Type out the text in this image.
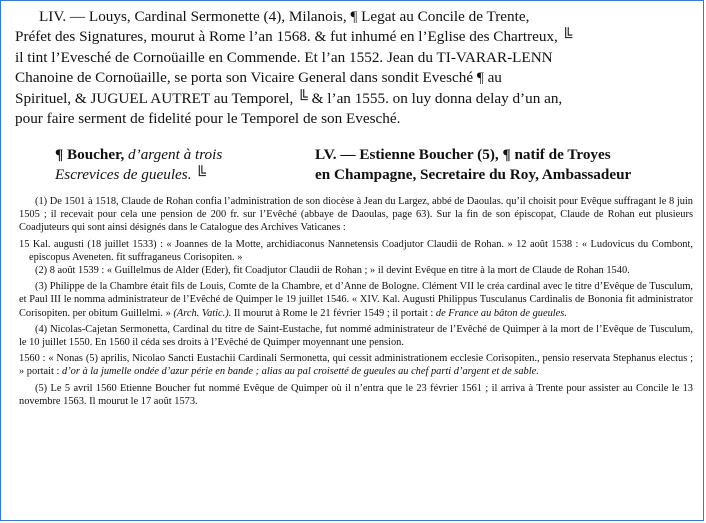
LIV. — Louys, Cardinal Sermonette (4), Milanois, ¶ Legat au Concile de Trente,

Préfet des Signatures, mourut à Rome l’an 1568. & fut inhumé en l’Eglise des Chartreux, ╚

il tint l’Evesché de Cornoüaille en Commende. Et l’an 1552. Jean du TI-VARAR-LENN

Chanoine de Cornoüaille, se porta son Vicaire General dans sondit Evesché ¶ au

Spirituel, & JUGUEL AUTRET au Temporel, ╚ & l’an 1555. on luy donna delay d’un an,

pour faire serment de fidelité pour le Temporel de son Evesché.

¶ Boucher, d’argent à trois
Escrevices de gueules. ╚
LV. — Estienne Boucher (5), ¶ natif de Troyes
en Champagne, Secretaire du Roy, Ambassadeur

(1) De 1501 à 1518, Claude de Rohan confia l’administration de son diocèse à Jean du Largez, abbé de Daoulas. qu’il choisit pour Evêque suffragant le 8 juin 1505 ; il recevait pour cela une pension de 200 fr. sur l’Evêché (abbaye de Daoulas, page 63). Sur la fin de son épiscopat, Claude de Rohan eut plusieurs Coadjuteurs qui sont ainsi désignés dans le Catalogue des Archives Vaticanes :

15 Kal. augusti (18 juillet 1533) : « Joannes de la Motte, archidiaconus Nannetensis Coadjutor Claudii de Rohan. » 12 août 1538 : « Ludovicus du Combont, episcopus Aveneten. fit suffraganeus Corisopiten. »

(2) 8 août 1539 : « Guillelmus de Alder (Eder), fit Coadjutor Claudii de Rohan ; » il devint Evêque en titre à la mort de Claude de Rohan 1540.

(3) Philippe de la Chambre était fils de Louis, Comte de la Chambre, et d’Anne de Bologne. Clément VII le créa cardinal avec le titre d’Evêque de Tusculum, et Paul III le nomma administrateur de l’Evêché de Quimper le 19 juillet 1546. « XIV. Kal. Augusti Philippus Tusculanus Cardinalis de Bononia fit administrator Corisopiten. per obitum Guillelmi. » (Arch. Vatic.). Il mourut à Rome le 21 février 1549 ; il portait : de France au bâton de gueules.

(4) Nicolas-Cajetan Sermonetta, Cardinal du titre de Saint-Eustache, fut nommé administrateur de l’Evêché de Quimper à la mort de l’Evêque de Tusculum, le 10 juillet 1550. En 1560 il céda ses droits à l’Evêché de Quimper moyennant une pension.

1560 : « Nonas (5) aprilis, Nicolao Sancti Eustachii Cardinali Sermonetta, qui cessit administrationem ecclesie Corisopiten., pensio reservata Stephanus electus ; » portait : d’or à la jumelle ondée d’azur périe en bande ; alias au pal croisetté de gueules au chef parti d’argent et de sable.

(5) Le 5 avril 1560 Etienne Boucher fut nommé Evêque de Quimper où il n’entra que le 23 février 1561 ; il arriva à Trente pour assister au Concile le 13 novembre 1563. Il mourut le 17 août 1573.
